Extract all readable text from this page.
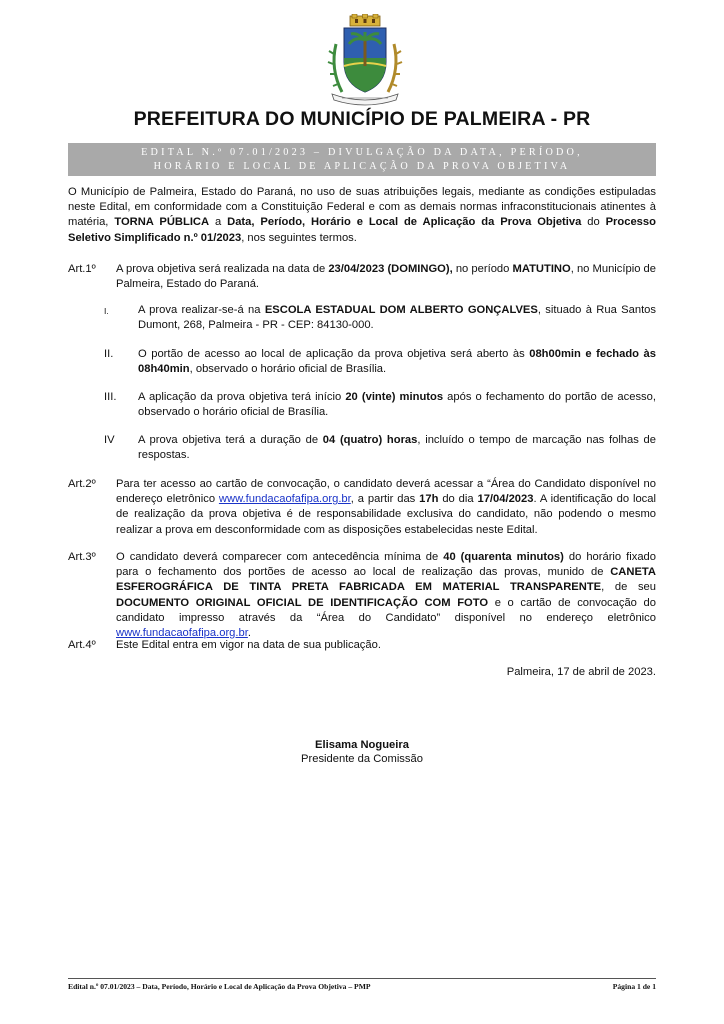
PREFEITURA DO MUNICÍPIO DE PALMEIRA - PR
EDITAL N.º 07.01/2023 – DIVULGAÇÃO DA DATA, PERÍODO,
HORÁRIO E LOCAL DE APLICAÇÃO DA PROVA OBJETIVA

O Município de Palmeira, Estado do Paraná, no uso de suas atribuições legais, mediante as condições estipuladas neste Edital, em conformidade com a Constituição Federal e com as demais normas infraconstitucionais atinentes à matéria, TORNA PÚBLICA a Data, Período, Horário e Local de Aplicação da Prova Objetiva do Processo Seletivo Simplificado n.º 01/2023, nos seguintes termos.

Art.1º	A prova objetiva será realizada na data de 23/04/2023 (DOMINGO), no período MATUTINO, no Município de Palmeira, Estado do Paraná.

I.	A prova realizar-se-á na ESCOLA ESTADUAL DOM ALBERTO GONÇALVES, situado à Rua Santos Dumont, 268, Palmeira - PR - CEP: 84130-000.

II.	O portão de acesso ao local de aplicação da prova objetiva será aberto às 08h00min e fechado às 08h40min, observado o horário oficial de Brasília.

III.	A aplicação da prova objetiva terá início 20 (vinte) minutos após o fechamento do portão de acesso, observado o horário oficial de Brasília.

IV	A prova objetiva terá a duração de 04 (quatro) horas, incluído o tempo de marcação nas folhas de respostas.

Art.2º	Para ter acesso ao cartão de convocação, o candidato deverá acessar a “Área do Candidato disponível no endereço eletrônico www.fundacaofafipa.org.br, a partir das 17h do dia 17/04/2023. A identificação do local de realização da prova objetiva é de responsabilidade exclusiva do candidato, não podendo o mesmo realizar a prova em desconformidade com as disposições estabelecidas neste Edital.

Art.3º	O candidato deverá comparecer com antecedência mínima de 40 (quarenta minutos) do horário fixado para o fechamento dos portões de acesso ao local de realização das provas, munido de CANETA ESFEROGRÁFICA DE TINTA PRETA FABRICADA EM MATERIAL TRANSPARENTE, de seu DOCUMENTO ORIGINAL OFICIAL DE IDENTIFICAÇÃO COM FOTO e o cartão de convocação do candidato impresso através da “Área do Candidato” disponível no endereço eletrônico www.fundacaofafipa.org.br.

Art.4º	Este Edital entra em vigor na data de sua publicação.

Palmeira, 17 de abril de 2023.
Elisama Nogueira
Presidente da Comissão
Edital n.º 07.01/2023 – Data, Período, Horário e Local de Aplicação da Prova Objetiva – PMP	Página 1 de 1
